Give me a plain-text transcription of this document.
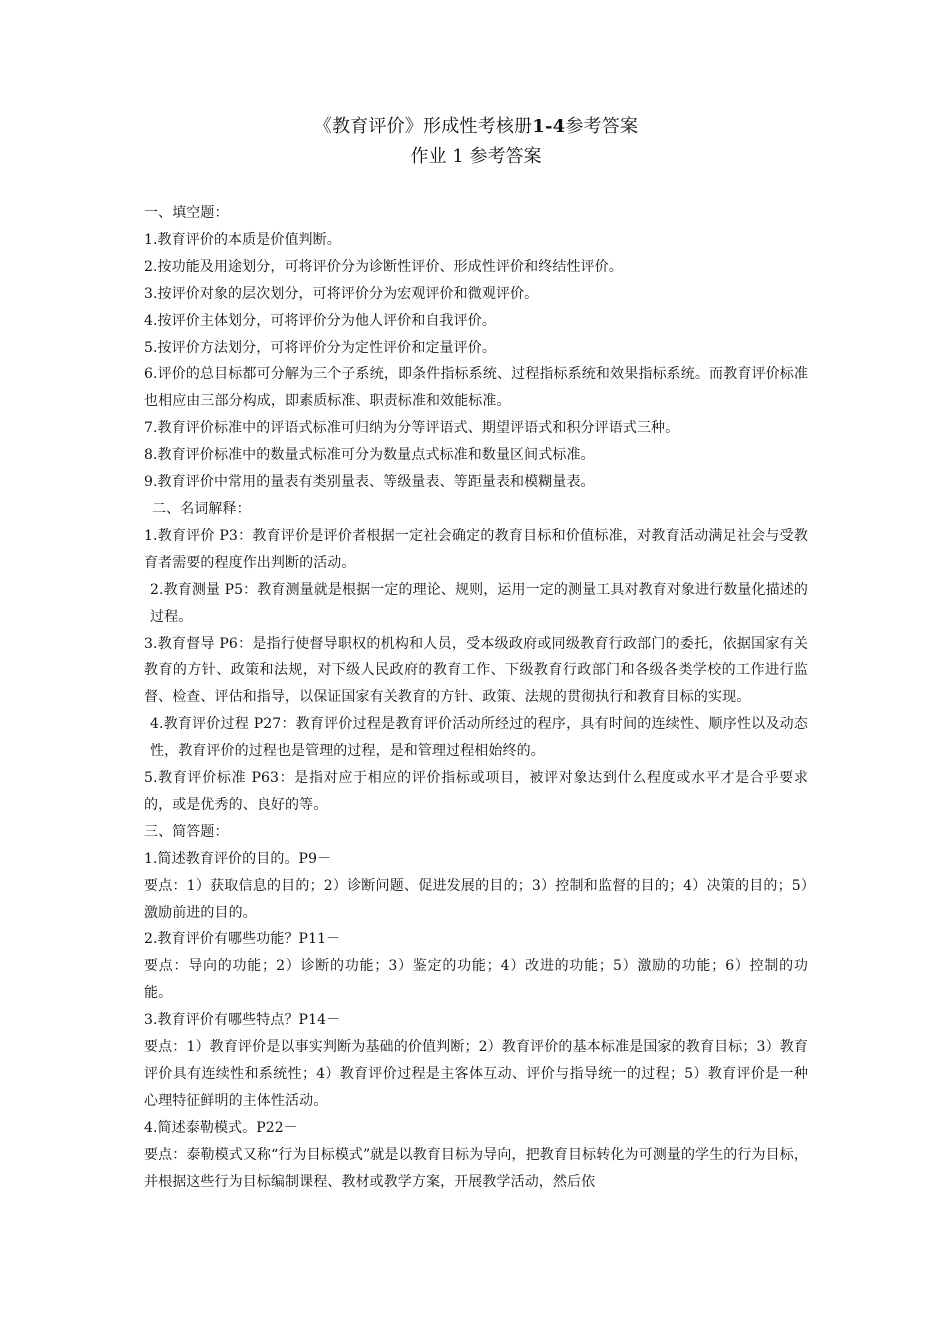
《教育评价》形成性考核册1-4参考答案
作业 1 参考答案

一、填空题：

1.教育评价的本质是价值判断。

2.按功能及用途划分，可将评价分为诊断性评价、形成性评价和终结性评价。

3.按评价对象的层次划分，可将评价分为宏观评价和微观评价。

4.按评价主体划分，可将评价分为他人评价和自我评价。

5.按评价方法划分，可将评价分为定性评价和定量评价。

6.评价的总目标都可分解为三个子系统，即条件指标系统、过程指标系统和效果指标系统。而教育评价标准也相应由三部分构成，即素质标准、职责标准和效能标准。

7.教育评价标准中的评语式标准可归纳为分等评语式、期望评语式和积分评语式三种。

8.教育评价标准中的数量式标准可分为数量点式标准和数量区间式标准。

9.教育评价中常用的量表有类别量表、等级量表、等距量表和模糊量表。

二、名词解释：

1.教育评价 P3：教育评价是评价者根据一定社会确定的教育目标和价值标准，对教育活动满足社会与受教育者需要的程度作出判断的活动。

2.教育测量 P5：教育测量就是根据一定的理论、规则，运用一定的测量工具对教育对象进行数量化描述的过程。

3.教育督导 P6：是指行使督导职权的机构和人员，受本级政府或同级教育行政部门的委托，依据国家有关教育的方针、政策和法规，对下级人民政府的教育工作、下级教育行政部门和各级各类学校的工作进行监督、检查、评估和指导，以保证国家有关教育的方针、政策、法规的贯彻执行和教育目标的实现。

4.教育评价过程 P27：教育评价过程是教育评价活动所经过的程序，具有时间的连续性、顺序性以及动态性，教育评价的过程也是管理的过程，是和管理过程相始终的。

5.教育评价标准 P63：是指对应于相应的评价指标或项目，被评对象达到什么程度或水平才是合乎要求的，或是优秀的、良好的等。

三、简答题：

1.简述教育评价的目的。P9－

要点：1）获取信息的目的；2）诊断问题、促进发展的目的；3）控制和监督的目的；4）决策的目的；5）激励前进的目的。

2.教育评价有哪些功能？P11－

要点：导向的功能；2）诊断的功能；3）鉴定的功能；4）改进的功能；5）激励的功能；6）控制的功能。

3.教育评价有哪些特点？P14－

要点：1）教育评价是以事实判断为基础的价值判断；2）教育评价的基本标准是国家的教育目标；3）教育评价具有连续性和系统性；4）教育评价过程是主客体互动、评价与指导统一的过程；5）教育评价是一种心理特征鲜明的主体性活动。

4.简述泰勒模式。P22－

要点：泰勒模式又称“行为目标模式”就是以教育目标为导向，把教育目标转化为可测量的学生的行为目标，并根据这些行为目标编制课程、教材或教学方案，开展教学活动，然后依
